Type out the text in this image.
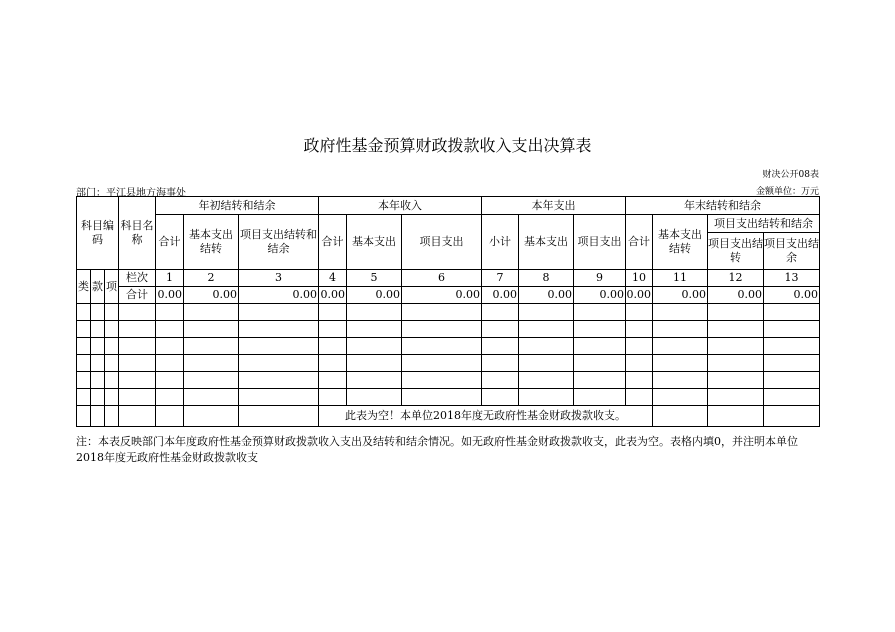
政府性基金预算财政拨款收入支出决算表
财决公开08表
部门：平江县地方海事处	金额单位：万元
科目编码			科目名称	年初结转和结余			本年收入			本年支出			年末结转和结余			
				合计	基本支出结转	项目支出结转和结余	合计	基本支出	项目支出	小计	基本支出	项目支出	合计	基本支出结转	项目支出结转和结余	
															项目支出结转	项目支出结余
类	款	项	栏次	1	2	3	4	5	6	7	8	9	10	11	12	13
			合计	0.00	0.00	0.00	0.00	0.00	0.00	0.00	0.00	0.00	0.00	0.00	0.00	0.00

							此表为空！本单位2018年度无政府性基金财政拨款收支。									
注：本表反映部门本年度政府性基金预算财政拨款收入支出及结转和结余情况。如无政府性基金财政拨款收支，此表为空。表格内填0，并注明本单位2018年度无政府性基金财政拨款收支
